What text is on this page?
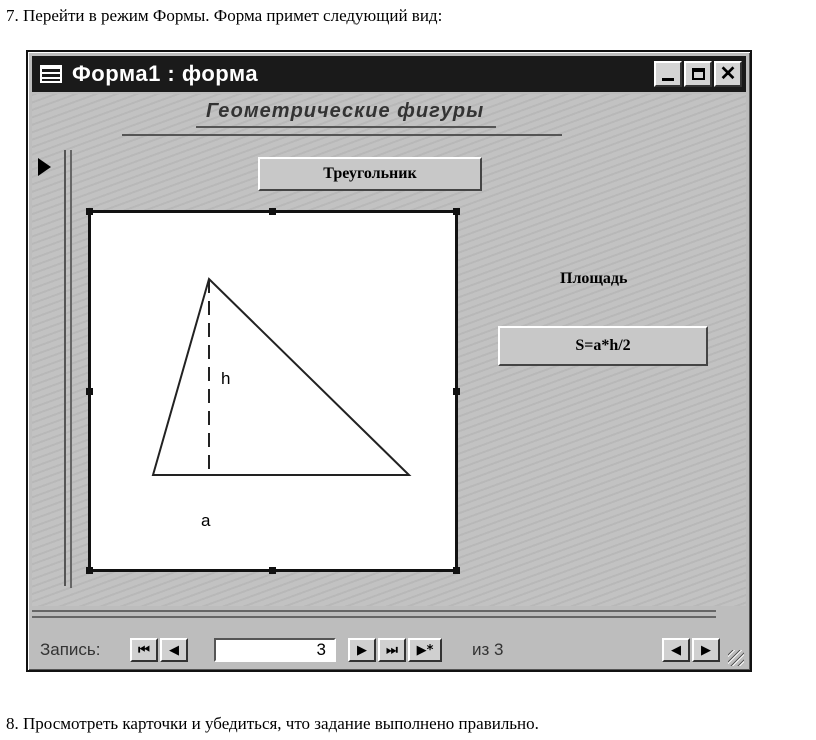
7. Перейти в режим Формы. Форма примет следующий вид:
Форма1 : форма	✕
Геометрические фигуры
Треугольник
h
a
Площадь
S=a*h/2
Запись:	⏮ ◀	3	▶ ⏭ ▶* из 3	◀ ▶
8. Просмотреть карточки и убедиться, что задание выполнено правильно.
